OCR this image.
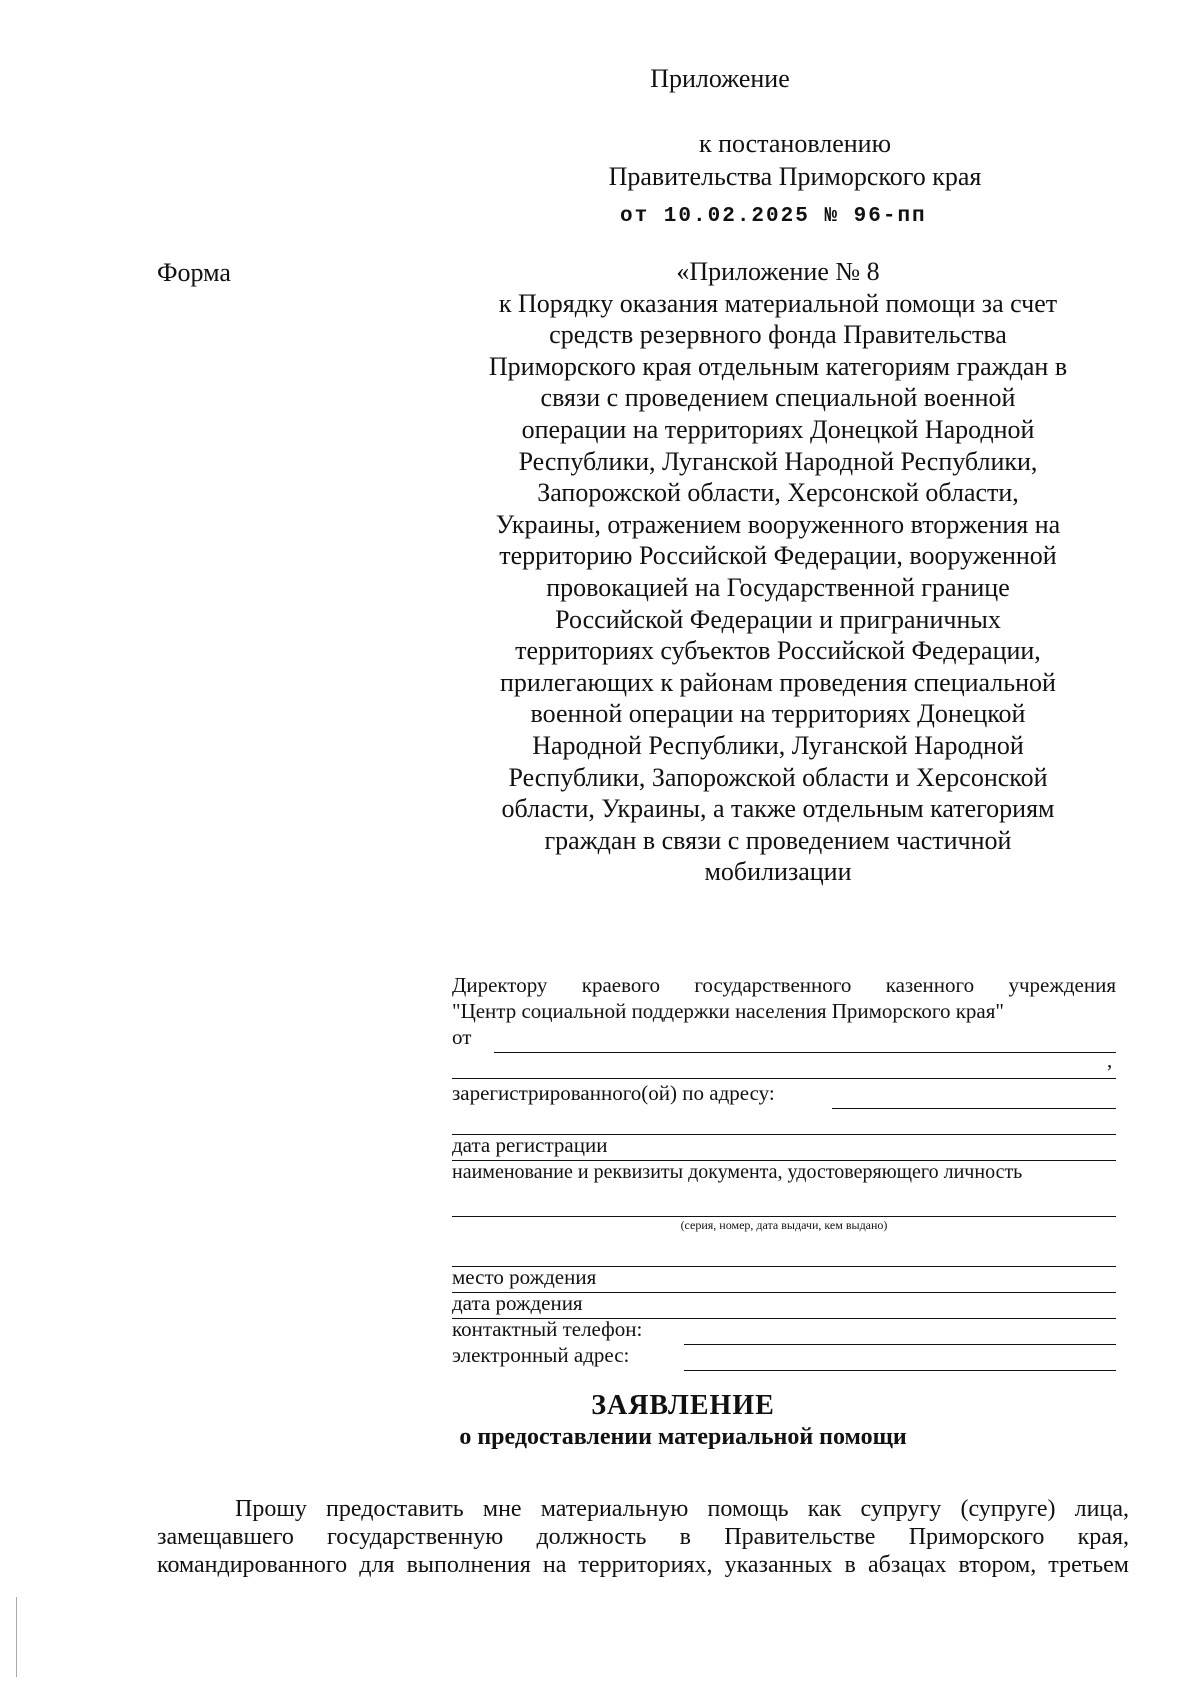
Приложение
к постановлению
Правительства Приморского края
от 10.02.2025 № 96-пп
Форма	«Приложение № 8
к Порядку оказания материальной помощи за счет
средств резервного фонда Правительства
Приморского края отдельным категориям граждан в
связи с проведением специальной военной
операции на территориях Донецкой Народной
Республики, Луганской Народной Республики,
Запорожской области, Херсонской области,
Украины, отражением вооруженного вторжения на
территорию Российской Федерации, вооруженной
провокацией на Государственной границе
Российской Федерации и приграничных
территориях субъектов Российской Федерации,
прилегающих к районам проведения специальной
военной операции на территориях Донецкой
Народной Республики, Луганской Народной
Республики, Запорожской области и Херсонской
области, Украины, а также отдельным категориям
граждан в связи с проведением частичной
мобилизации
Директору краевого государственного казенного учреждения
"Центр социальной поддержки населения Приморского края"
от
,
зарегистрированного(ой) по адресу:
дата регистрации
наименование и реквизиты документа, удостоверяющего личность
(серия, номер, дата выдачи, кем выдано)
место рождения
дата рождения
контактный телефон:
электронный адрес:
ЗАЯВЛЕНИЕ
о предоставлении материальной помощи
Прошу предоставить мне материальную помощь как супругу (супруге) лица,
замещавшего государственную должность в Правительстве Приморского края,
командированного для выполнения на территориях, указанных в абзацах втором, третьем
